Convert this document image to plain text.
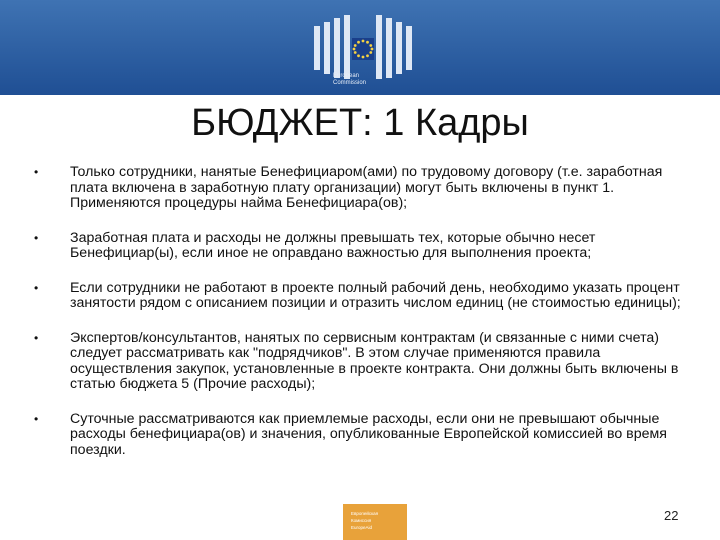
European
Commission
БЮДЖЕТ: 1 Кадры
•	Только сотрудники, нанятые Бенефициаром(ами) по трудовому договору (т.е. заработная плата включена в заработную плату организации) могут быть включены в пункт 1. Применяются процедуры найма Бенефициара(ов);
•	Заработная плата и расходы не должны превышать тех, которые обычно несет Бенефициар(ы), если иное не оправдано важностью для выполнения проекта;
•	Если сотрудники не работают в проекте полный рабочий день, необходимо указать процент занятости рядом с описанием позиции и отразить числом единиц (не стоимостью единицы);
•	Экспертов/консультантов, нанятых по сервисным контрактам (и связанные с ними счета) следует рассматривать как "подрядчиков". В этом случае применяются правила осуществления закупок, установленные в проекте контракта. Они должны быть включены в статью бюджета 5 (Прочие расходы);
•	Суточные рассматриваются как приемлемые расходы, если они не превышают обычные расходы бенефициара(ов) и значения, опубликованные Европейской комиссией во время поездки.
Европейская
Комиссия
EuropeAid
22
